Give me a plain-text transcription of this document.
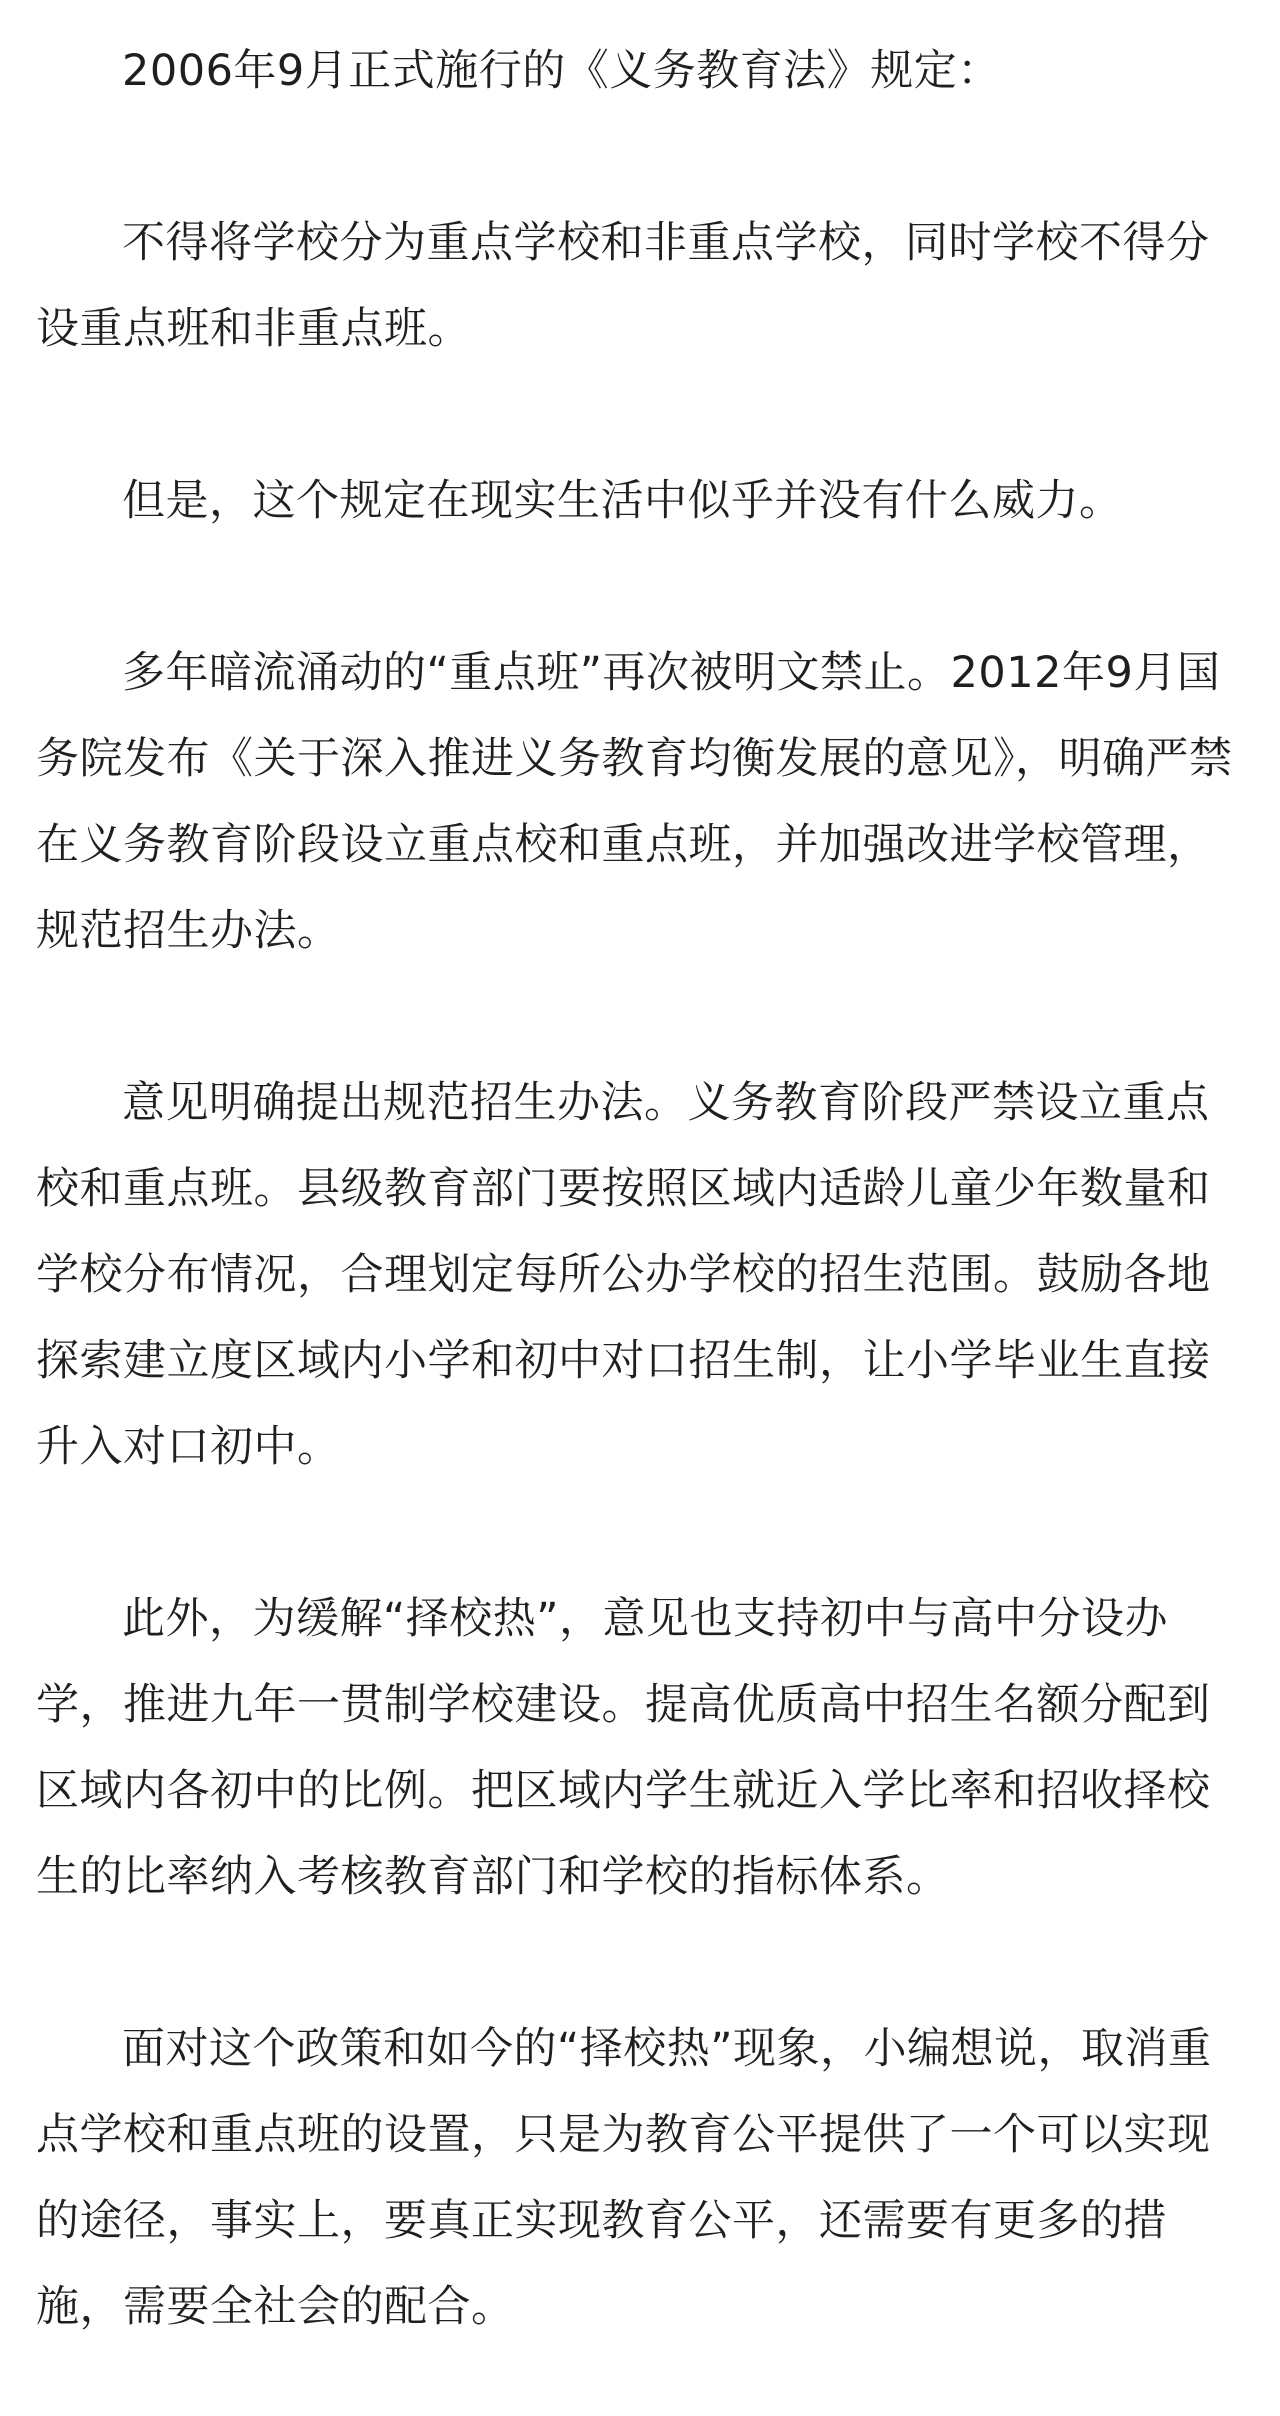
2006年9月正式施行的《义务教育法》规定：

不得将学校分为重点学校和非重点学校，同时学校不得分设重点班和非重点班。

但是，这个规定在现实生活中似乎并没有什么威力。

多年暗流涌动的“重点班”再次被明文禁止。2012年9月国务院发布《关于深入推进义务教育均衡发展的意见》，明确严禁在义务教育阶段设立重点校和重点班，并加强改进学校管理，规范招生办法。

意见明确提出规范招生办法。义务教育阶段严禁设立重点校和重点班。县级教育部门要按照区域内适龄儿童少年数量和学校分布情况，合理划定每所公办学校的招生范围。鼓励各地探索建立度区域内小学和初中对口招生制，让小学毕业生直接升入对口初中。

此外，为缓解“择校热”，意见也支持初中与高中分设办学，推进九年一贯制学校建设。提高优质高中招生名额分配到区域内各初中的比例。把区域内学生就近入学比率和招收择校生的比率纳入考核教育部门和学校的指标体系。

面对这个政策和如今的“择校热”现象，小编想说，取消重点学校和重点班的设置，只是为教育公平提供了一个可以实现的途径，事实上，要真正实现教育公平，还需要有更多的措施，需要全社会的配合。
